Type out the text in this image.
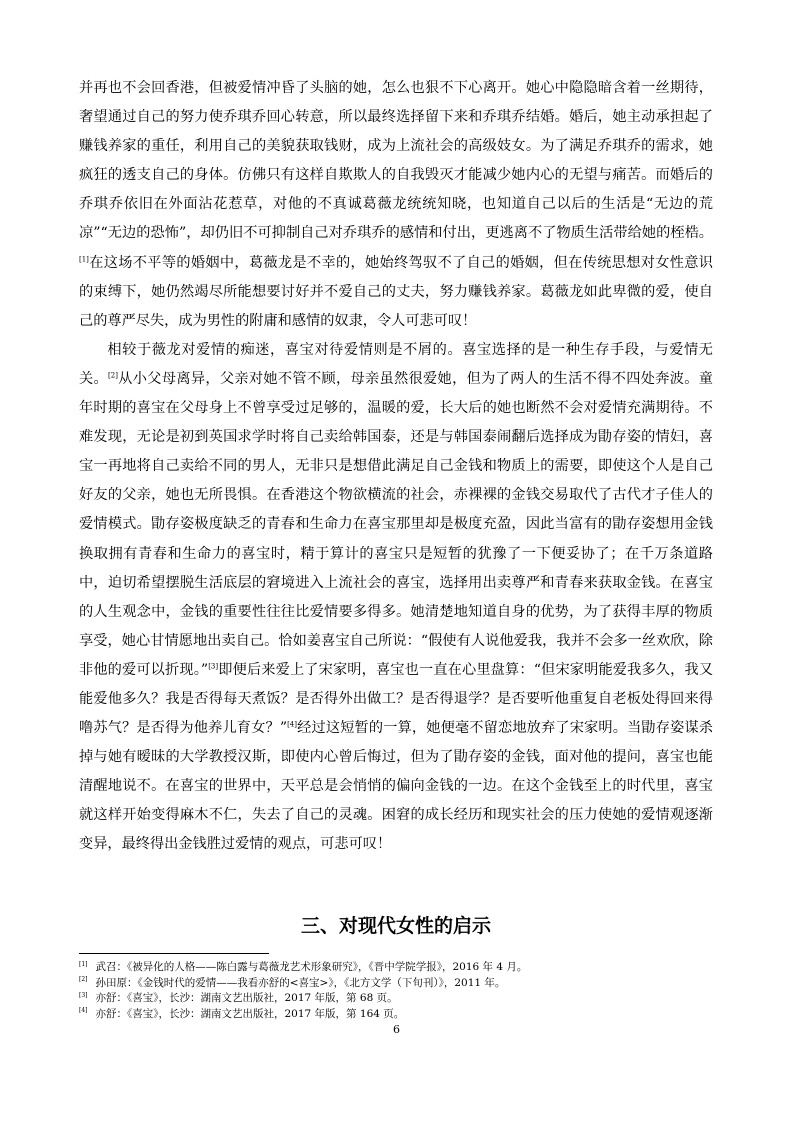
并再也不会回香港，但被爱情冲昏了头脑的她，怎么也狠不下心离开。她心中隐隐暗含着一丝期待，奢望通过自己的努力使乔琪乔回心转意，所以最终选择留下来和乔琪乔结婚。婚后，她主动承担起了赚钱养家的重任，利用自己的美貌获取钱财，成为上流社会的高级妓女。为了满足乔琪乔的需求，她疯狂的透支自己的身体。仿佛只有这样自欺欺人的自我毁灭才能减少她内心的无望与痛苦。而婚后的乔琪乔依旧在外面沾花惹草，对他的不真诚葛薇龙统统知晓，也知道自己以后的生活是“无边的荒凉”“无边的恐怖”，却仍旧不可抑制自己对乔琪乔的感情和付出，更逃离不了物质生活带给她的桎梏。[1]在这场不平等的婚姻中，葛薇龙是不幸的，她始终驾驭不了自己的婚姻，但在传统思想对女性意识的束缚下，她仍然竭尽所能想要讨好并不爱自己的丈夫，努力赚钱养家。葛薇龙如此卑微的爱，使自己的尊严尽失，成为男性的附庸和感情的奴隶，令人可悲可叹！

相较于薇龙对爱情的痴迷，喜宝对待爱情则是不屑的。喜宝选择的是一种生存手段，与爱情无关。[2]从小父母离异，父亲对她不管不顾，母亲虽然很爱她，但为了两人的生活不得不四处奔波。童年时期的喜宝在父母身上不曾享受过足够的，温暖的爱，长大后的她也断然不会对爱情充满期待。不难发现，无论是初到英国求学时将自己卖给韩国泰，还是与韩国泰闹翻后选择成为勖存姿的情妇，喜宝一再地将自己卖给不同的男人，无非只是想借此满足自己金钱和物质上的需要，即使这个人是自己好友的父亲，她也无所畏惧。在香港这个物欲横流的社会，赤裸裸的金钱交易取代了古代才子佳人的爱情模式。勖存姿极度缺乏的青春和生命力在喜宝那里却是极度充盈，因此当富有的勖存姿想用金钱换取拥有青春和生命力的喜宝时，精于算计的喜宝只是短暂的犹豫了一下便妥协了；在千万条道路中，迫切希望摆脱生活底层的窘境进入上流社会的喜宝，选择用出卖尊严和青春来获取金钱。在喜宝的人生观念中，金钱的重要性往往比爱情要多得多。她清楚地知道自身的优势，为了获得丰厚的物质享受，她心甘情愿地出卖自己。恰如姜喜宝自己所说：“假使有人说他爱我，我并不会多一丝欢欣，除非他的爱可以折现。”[3]即便后来爱上了宋家明，喜宝也一直在心里盘算：“但宋家明能爱我多久，我又能爱他多久？我是否得每天煮饭？是否得外出做工？是否得退学？是否要听他重复自老板处得回来得噜苏气？是否得为他养儿育女？”[4]经过这短暂的一算，她便毫不留恋地放弃了宋家明。当勖存姿谋杀掉与她有暧昧的大学教授汉斯，即使内心曾后悔过，但为了勖存姿的金钱，面对他的提问，喜宝也能清醒地说不。在喜宝的世界中，天平总是会悄悄的偏向金钱的一边。在这个金钱至上的时代里，喜宝就这样开始变得麻木不仁，失去了自己的灵魂。困窘的成长经历和现实社会的压力使她的爱情观逐渐变异，最终得出金钱胜过爱情的观点，可悲可叹！

三、对现代女性的启示
[1] 武召：《被异化的人格——陈白露与葛薇龙艺术形象研究》，《晋中学院学报》，2016 年 4 月。
[2] 孙田原：《金钱时代的爱情——我看亦舒的<喜宝>》，《北方文学（下旬刊）》，2011 年。
[3] 亦舒：《喜宝》，长沙：湖南文艺出版社，2017 年版，第 68 页。
[4] 亦舒：《喜宝》，长沙：湖南文艺出版社，2017 年版，第 164 页。
6
